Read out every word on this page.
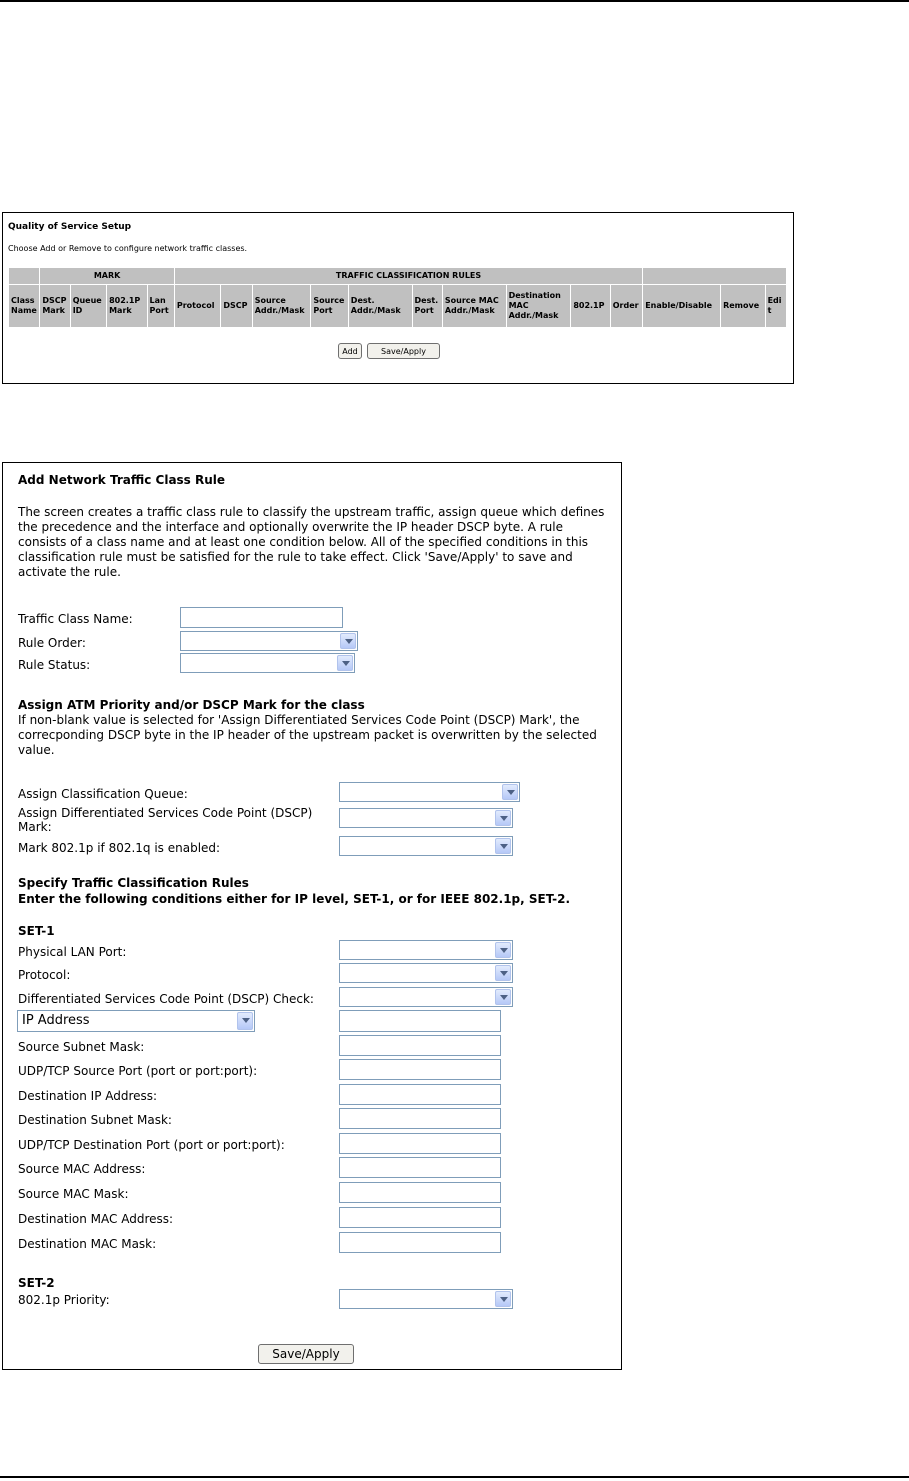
Quality of Service Setup
Choose Add or Remove to configure network traffic classes.
	MARK				TRAFFIC CLASSIFICATION RULES												
Class Name	DSCP Mark	Queue ID	802.1P Mark	Lan Port	Protocol	DSCP	Source Addr./Mask	Source Port	Dest. Addr./Mask	Dest. Port	Source MAC Addr./Mask	Destination MAC Addr./Mask	802.1P	Order	Enable/Disable	Remove	Edit
Add	Save/Apply
Add Network Traffic Class Rule
The screen creates a traffic class rule to classify the upstream traffic, assign queue which defines the precedence and the interface and optionally overwrite the IP header DSCP byte. A rule consists of a class name and at least one condition below. All of the specified conditions in this classification rule must be satisfied for the rule to take effect. Click 'Save/Apply' to save and activate the rule.
Traffic Class Name:
Rule Order:
Rule Status:
Assign ATM Priority and/or DSCP Mark for the class
If non-blank value is selected for 'Assign Differentiated Services Code Point (DSCP) Mark', the correcponding DSCP byte in the IP header of the upstream packet is overwritten by the selected value.
Assign Classification Queue:
Assign Differentiated Services Code Point (DSCP) Mark:
Mark 802.1p if 802.1q is enabled:
Specify Traffic Classification Rules
Enter the following conditions either for IP level, SET-1, or for IEEE 802.1p, SET-2.
SET-1
Physical LAN Port:
Protocol:
Differentiated Services Code Point (DSCP) Check:
IP Address
Source Subnet Mask:
UDP/TCP Source Port (port or port:port):
Destination IP Address:
Destination Subnet Mask:
UDP/TCP Destination Port (port or port:port):
Source MAC Address:
Source MAC Mask:
Destination MAC Address:
Destination MAC Mask:
SET-2
802.1p Priority:
Save/Apply
